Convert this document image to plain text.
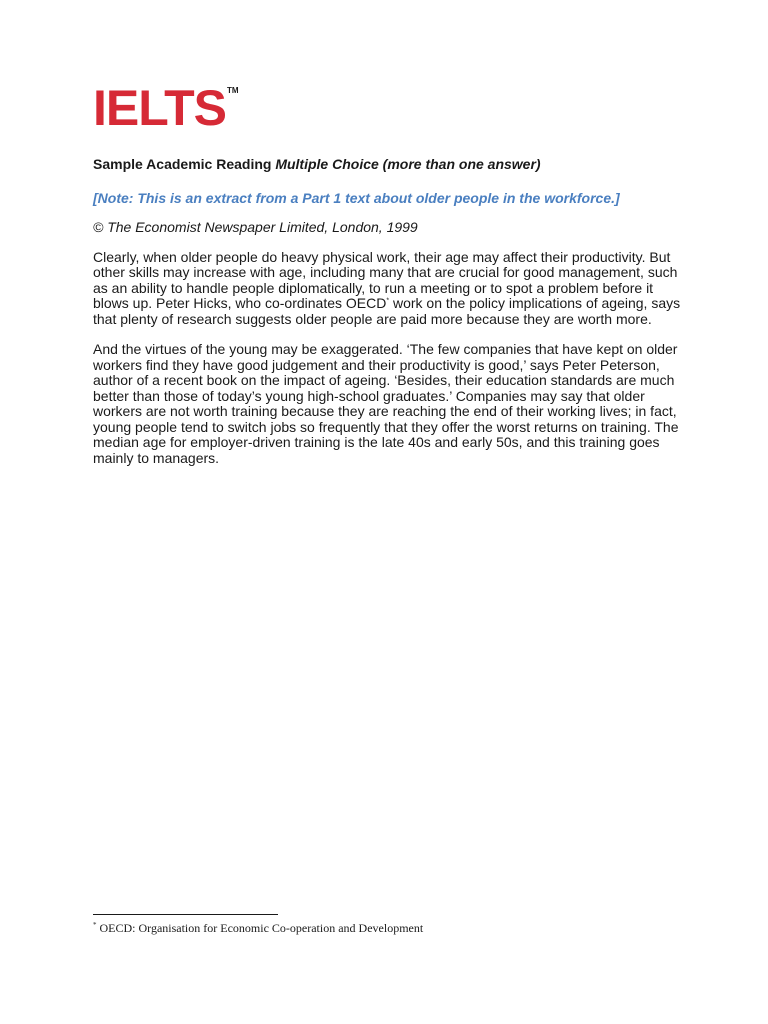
IELTS TM

Sample Academic Reading Multiple Choice (more than one answer)

[Note: This is an extract from a Part 1 text about older people in the workforce.]

© The Economist Newspaper Limited, London, 1999

Clearly, when older people do heavy physical work, their age may affect their productivity. But other skills may increase with age, including many that are crucial for good management, such as an ability to handle people diplomatically, to run a meeting or to spot a problem before it blows up. Peter Hicks, who co-ordinates OECD* work on the policy implications of ageing, says that plenty of research suggests older people are paid more because they are worth more.

And the virtues of the young may be exaggerated. ‘The few companies that have kept on older workers find they have good judgement and their productivity is good,’ says Peter Peterson, author of a recent book on the impact of ageing. ‘Besides, their education standards are much better than those of today’s young high-school graduates.’ Companies may say that older workers are not worth training because they are reaching the end of their working lives; in fact, young people tend to switch jobs so frequently that they offer the worst returns on training. The median age for employer-driven training is the late 40s and early 50s, and this training goes mainly to managers.

* OECD: Organisation for Economic Co-operation and Development
